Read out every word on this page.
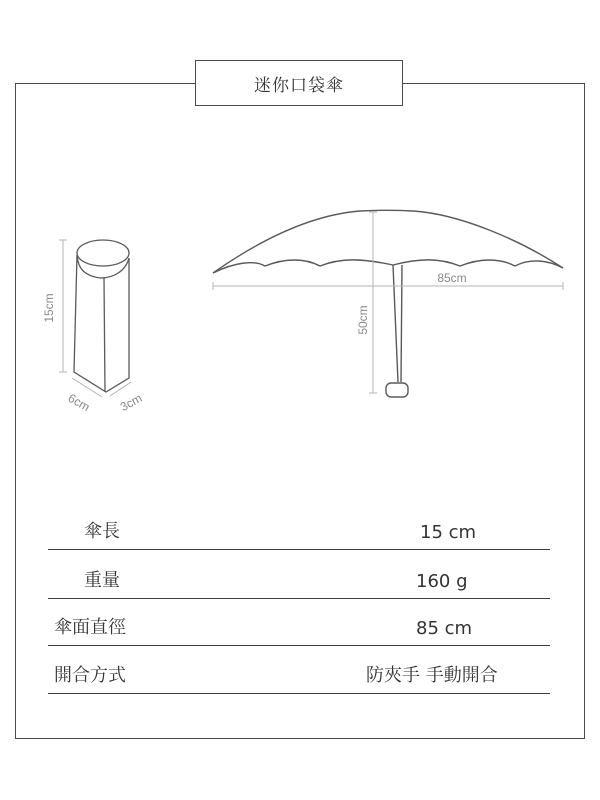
迷你口袋傘
15cm
6cm 3cm
85cm
50cm
傘長	15 cm
重量	160 g
傘面直徑	85 cm
開合方式	防夾手 手動開合
